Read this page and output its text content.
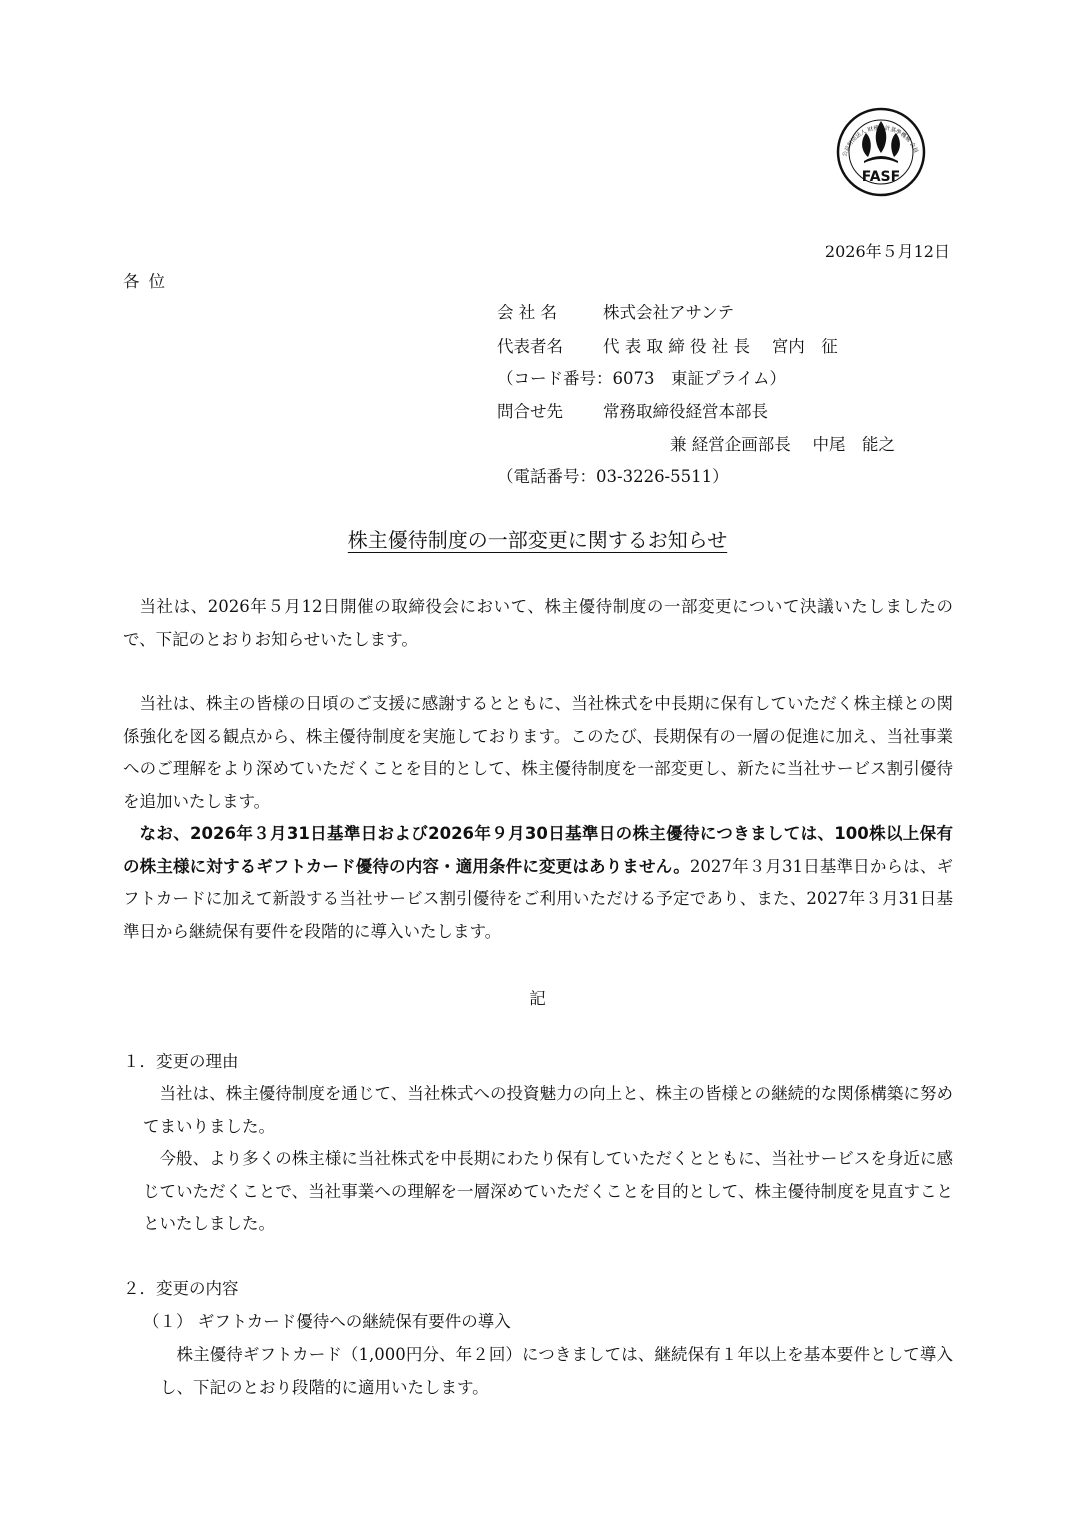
FASF
公益財団法人 財務会計基準機構 会員
2026年５月12日
各位
会 社 名	株式会社アサンテ
代表者名	代 表 取 締 役 社 長　 宮内　征
（コード番号：6073　東証プライム）
問合せ先	常務取締役経営本部長
兼 経営企画部長　 中尾　能之
（電話番号：03-3226-5511）
株主優待制度の一部変更に関するお知らせ
当社は、2026年５月12日開催の取締役会において、株主優待制度の一部変更について決議いたしましたので、下記のとおりお知らせいたします。
当社は、株主の皆様の日頃のご支援に感謝するとともに、当社株式を中長期に保有していただく株主様との関係強化を図る観点から、株主優待制度を実施しております。このたび、長期保有の一層の促進に加え、当社事業へのご理解をより深めていただくことを目的として、株主優待制度を一部変更し、新たに当社サービス割引優待を追加いたします。
なお、2026年３月31日基準日および2026年９月30日基準日の株主優待につきましては、100株以上保有の株主様に対するギフトカード優待の内容・適用条件に変更はありません。2027年３月31日基準日からは、ギフトカードに加えて新設する当社サービス割引優待をご利用いただける予定であり、また、2027年３月31日基準日から継続保有要件を段階的に導入いたします。
記
１．変更の理由
当社は、株主優待制度を通じて、当社株式への投資魅力の向上と、株主の皆様との継続的な関係構築に努めてまいりました。
今般、より多くの株主様に当社株式を中長期にわたり保有していただくとともに、当社サービスを身近に感じていただくことで、当社事業への理解を一層深めていただくことを目的として、株主優待制度を見直すことといたしました。
２．変更の内容
（１） ギフトカード優待への継続保有要件の導入
株主優待ギフトカード（1,000円分、年２回）につきましては、継続保有１年以上を基本要件として導入し、下記のとおり段階的に適用いたします。
